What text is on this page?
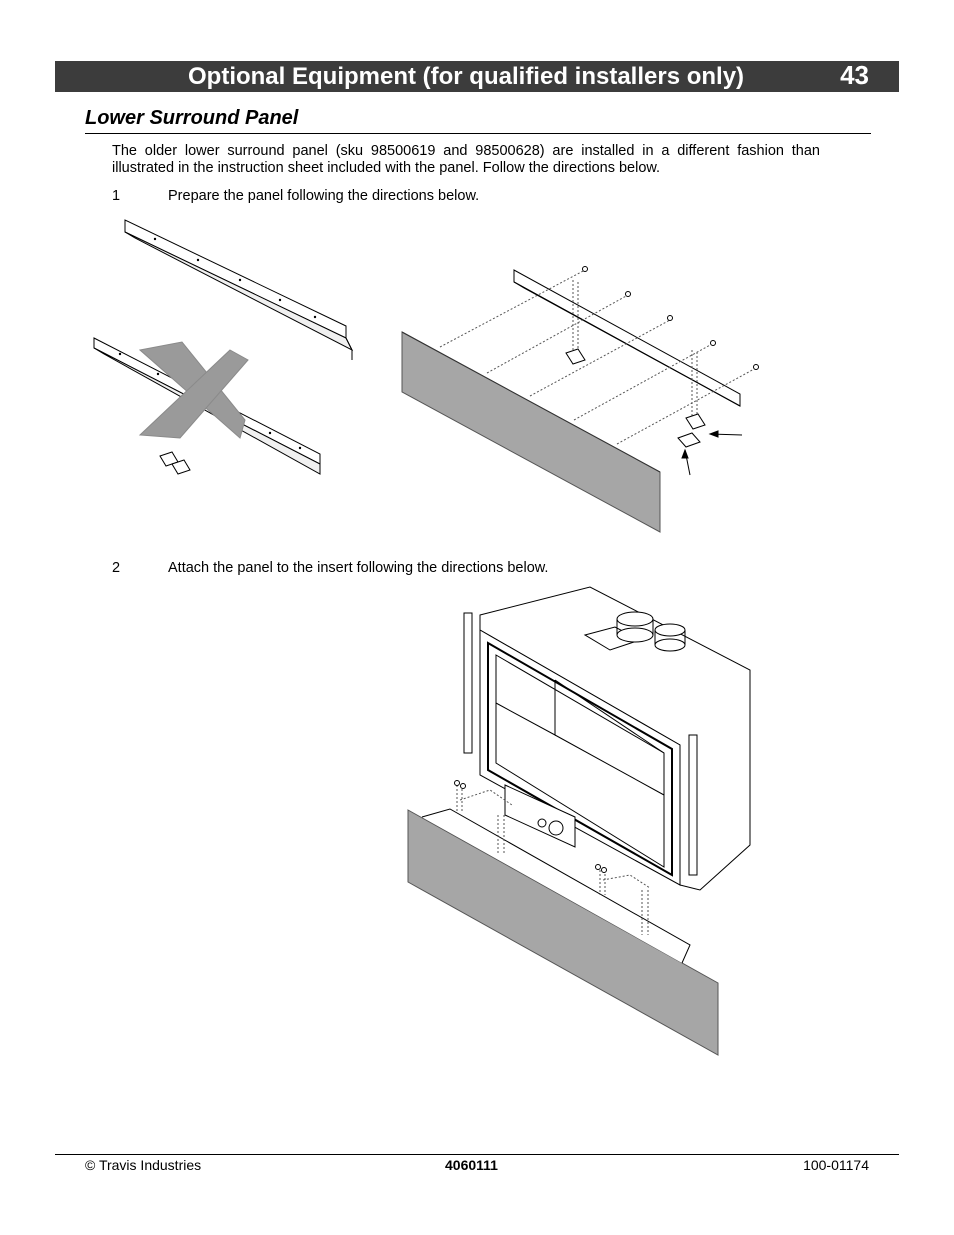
Optional Equipment (for qualified installers only)	43
Lower Surround Panel
The older lower surround panel (sku 98500619 and 98500628) are installed in a different fashion than illustrated in the instruction sheet included with the panel. Follow the directions below.
1	Prepare the panel following the directions below.
2	Attach the panel to the insert following the directions below.
© Travis Industries	4060111	100-01174
